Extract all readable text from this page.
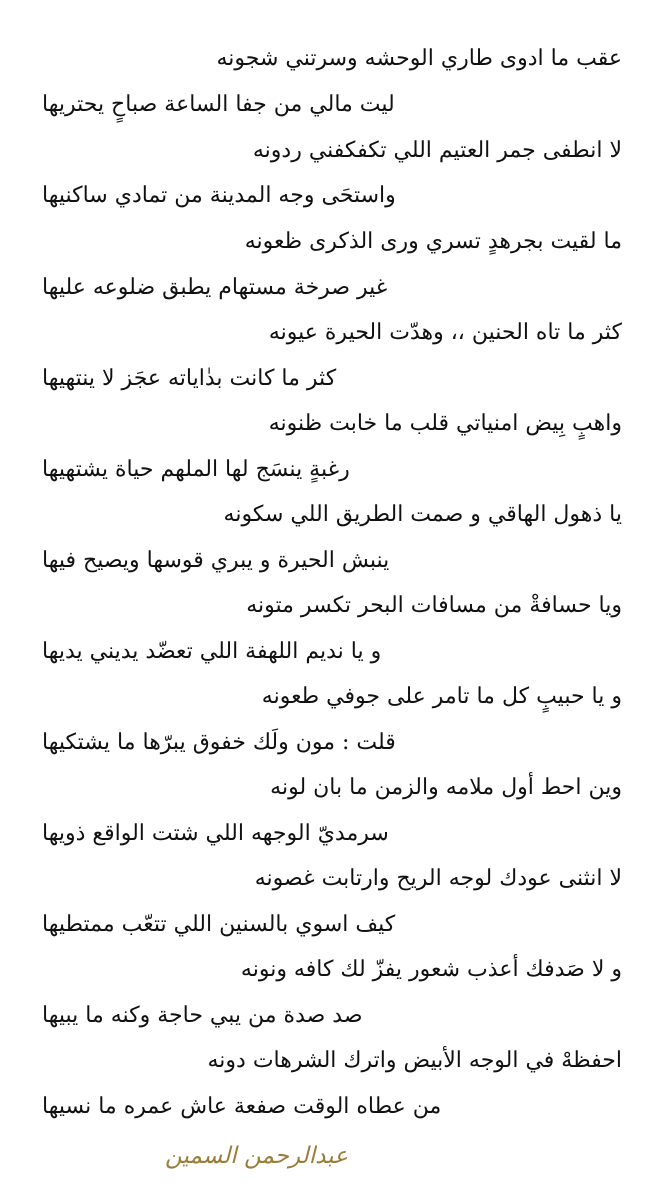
عقب ما ادوى طاري الوحشه وسرتني شجونه
ليت مالي من جفا الساعة صباحٍ يحتريها
لا انطفى جمر العتيم اللي تكفكفني ردونه
واستحَى وجه المدينة من تمادي ساكنيها
ما لقيت بجرهدٍ تسري ورى الذكرى ظعونه
غير صرخة مستهام يطبق ضلوعه عليها
كثر ما تاه الحنين ،، وهدّت الحيرة عيونه
كثر ما كانت بدٰاياته عجَز لا ينتهيها
واهبٍ بِيض امنياتي قلب ما خابت ظنونه
رغبةٍ ينسَج لها الملهم حياة يشتهيها
يا ذهول الهاقي و صمت الطريق اللي سكونه
ينبش الحيرة و يبري قوسها ويصيح فيها
ويا حسافةْ من مسافات البحر تكسر متونه
و يا نديم اللهفة اللي تعضّد يديني يديها
و يا حبيبٍ كل ما تامر على جوفي طعونه
قلت : مون ولَك خفوق يبرّها ما يشتكيها
وين احط أول ملامه والزمن ما بان لونه
سرمديّ الوجهه اللي شتت الواقع ذويها
لا انثنى عودك لوجه الريح وارتابت غصونه
كيف اسوي بالسنين اللي تتعّب ممتطيها
و لا صَدفك أعذب شعور يفزّ لك كافه ونونه
صد صدة من يبي حاجة وكنه ما يبيها
احفظهْ في الوجه الأبيض واترك الشرهات دونه
من عطاه الوقت صفعة عاش عمره ما نسيها
عبدالرحمن السمين
